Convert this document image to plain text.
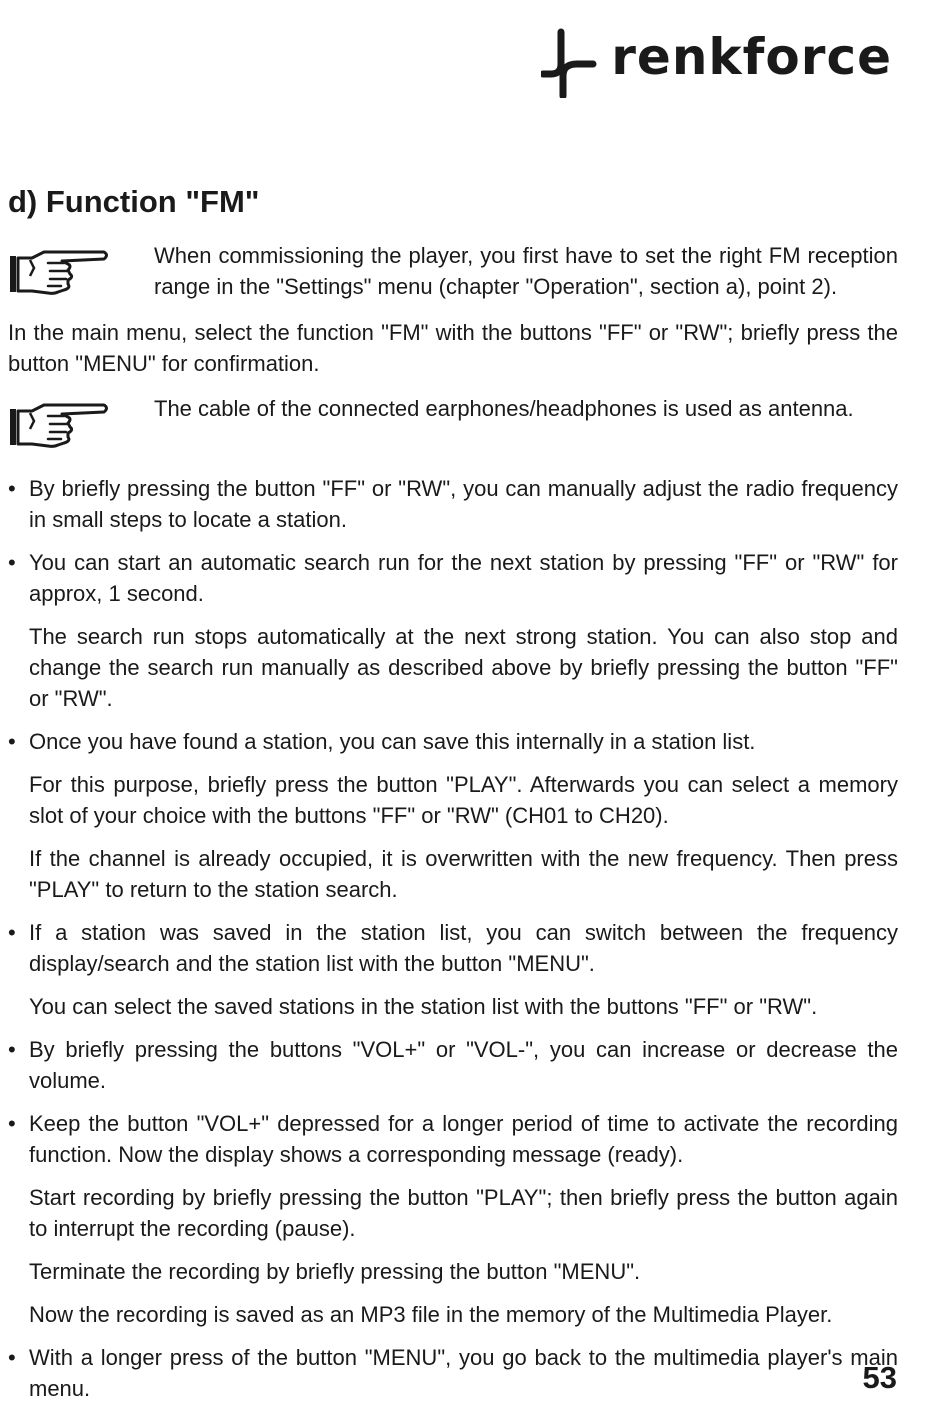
renkforce
d) Function "FM"

When commissioning the player, you first have to set the right FM reception range in the "Settings" menu (chapter "Operation", section a), point 2).

In the main menu, select the function "FM" with the buttons "FF" or "RW"; briefly press the button "MENU" for confirmation.

The cable of the connected earphones/headphones is used as antenna.

• By briefly pressing the button "FF" or "RW", you can manually adjust the radio frequency in small steps to locate a station.

• You can start an automatic search run for the next station by pressing "FF" or "RW" for approx, 1 second.

The search run stops automatically at the next strong station. You can also stop and change the search run manually as described above by briefly pressing the button "FF" or "RW".

• Once you have found a station, you can save this internally in a station list.

For this purpose, briefly press the button "PLAY". Afterwards you can select a memory slot of your choice with the buttons "FF" or "RW" (CH01 to CH20).

If the channel is already occupied, it is overwritten with the new frequency. Then press "PLAY" to return to the station search.

• If a station was saved in the station list, you can switch between the frequency display/search and the station list with the button "MENU".

You can select the saved stations in the station list with the buttons "FF" or "RW".

• By briefly pressing the buttons "VOL+" or "VOL-", you can increase or decrease the volume.

• Keep the button "VOL+" depressed for a longer period of time to activate the recording function. Now the display shows a corresponding message (ready).

Start recording by briefly pressing the button "PLAY"; then briefly press the button again to interrupt the recording (pause).

Terminate the recording by briefly pressing the button "MENU".

Now the recording is saved as an MP3 file in the memory of the Multimedia Player.

• With a longer press of the button "MENU", you go back to the multimedia player's main menu.	53
